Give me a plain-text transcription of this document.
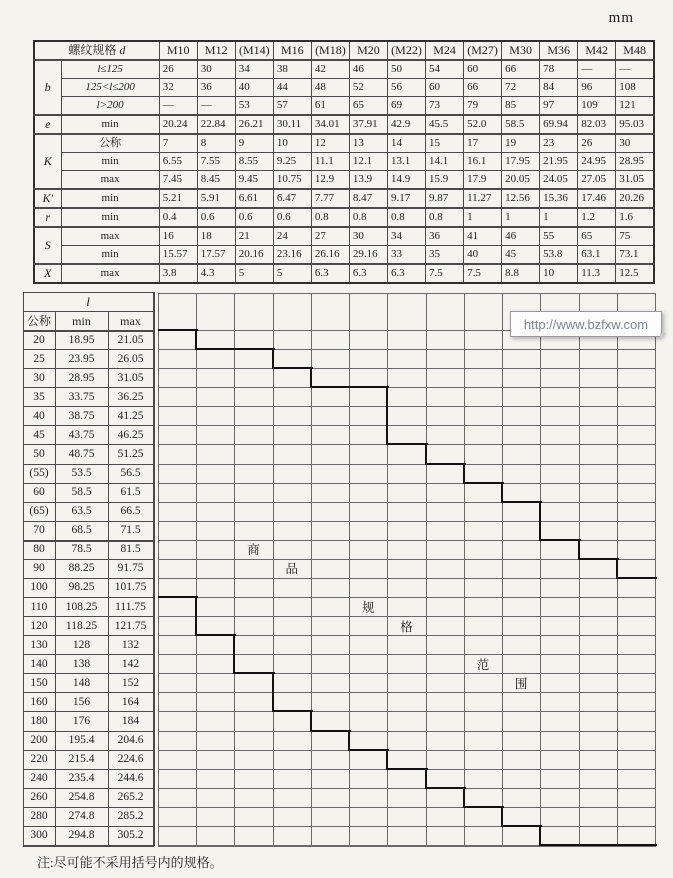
mm
螺纹规格 d		M10	M12	(M14)	M16	(M18)	M20	(M22)	M24	(M27)	M30	M36	M42	M48
b	l≤125	26	30	34	38	42	46	50	54	60	66	78	—	—
	125<l≤200	32	36	40	44	48	52	56	60	66	72	84	96	108
	l>200	—	—	53	57	61	65	69	73	79	85	97	109	121
e	min	20.24	22.84	26.21	30.11	34.01	37.91	42.9	45.5	52.0	58.5	69.94	82.03	95.03
K	公称	7	8	9	10	12	13	14	15	17	19	23	26	30
	min	6.55	7.55	8.55	9.25	11.1	12.1	13.1	14.1	16.1	17.95	21.95	24.95	28.95
	max	7.45	8.45	9.45	10.75	12.9	13.9	14.9	15.9	17.9	20.05	24.05	27.05	31.05
K′	min	5.21	5.91	6.61	6.47	7.77	8.47	9.17	9.87	11.27	12.56	15.36	17.46	20.26
r	min	0.4	0.6	0.6	0.6	0.8	0.8	0.8	0.8	1	1	1	1.2	1.6
S	max	16	18	21	24	27	30	34	36	41	46	55	65	75
	min	15.57	17.57	20.16	23.16	26.16	29.16	33	35	40	45	53.8	63.1	73.1
X	max	3.8	4.3	5	5	6.3	6.3	6.3	7.5	7.5	8.8	10	11.3	12.5
http://www.bzfxw.com
l
公称	min	max
20	18.95	21.05
25	23.95	26.05
30	28.95	31.05
35	33.75	36.25
40	38.75	41.25
45	43.75	46.25
50	48.75	51.25
(55)	53.5	56.5
60	58.5	61.5
(65)	63.5	66.5
70	68.5	71.5
80	78.5	81.5
90	88.25	91.75
100	98.25	101.75
110	108.25	111.75
120	118.25	121.75
130	128	132
140	138	142
150	148	152
160	156	164
180	176	184
200	195.4	204.6
220	215.4	224.6
240	235.4	244.6
260	254.8	265.2
280	274.8	285.2
300	294.8	305.2
商
品
规
格
范
围
注:尽可能不采用括号内的规格。
